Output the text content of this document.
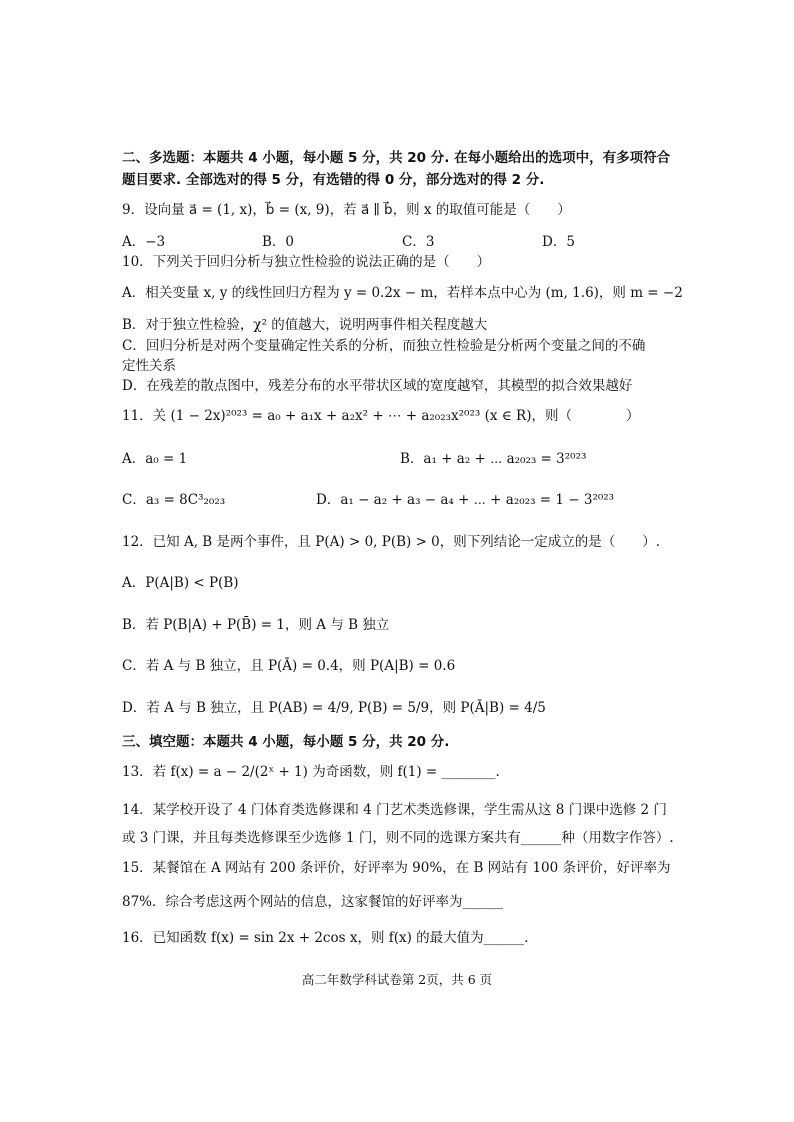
二、多选题：本题共 4 小题，每小题 5 分，共 20 分. 在每小题给出的选项中，有多项符合
题目要求. 全部选对的得 5 分，有选错的得 0 分，部分选对的得 2 分.
9．设向量 a⃗ = (1, x)，b⃗ = (x, 9)，若 a⃗ ∥ b⃗，则 x 的取值可能是（　　）
A．−3	B．0	C．3	D．5
10．下列关于回归分析与独立性检验的说法正确的是（　　）
A．相关变量 x, y 的线性回归方程为 y = 0.2x − m，若样本点中心为 (m, 1.6)，则 m = −2
B．对于独立性检验，χ² 的值越大，说明两事件相关程度越大
C．回归分析是对两个变量确定性关系的分析，而独立性检验是分析两个变量之间的不确
定性关系
D．在残差的散点图中，残差分布的水平带状区域的宽度越窄，其模型的拟合效果越好
11．关 (1 − 2x)²⁰²³ = a₀ + a₁x + a₂x² + ⋯ + a₂₀₂₃x²⁰²³ (x ∈ R)，则（　　　　）
A．a₀ = 1	B．a₁ + a₂ + ⋯ a₂₀₂₃ = 3²⁰²³
C．a₃ = 8C³₂₀₂₃	D．a₁ − a₂ + a₃ − a₄ + ⋯ + a₂₀₂₃ = 1 − 3²⁰²³
12．已知 A, B 是两个事件，且 P(A) > 0, P(B) > 0，则下列结论一定成立的是（　　）.
A．P(A|B) < P(B)
B．若 P(B|A) + P(B̄) = 1，则 A 与 B 独立
C．若 A 与 B 独立，且 P(Ā) = 0.4，则 P(A|B) = 0.6
D．若 A 与 B 独立，且 P(AB) = 4/9, P(B) = 5/9，则 P(Ā|B) = 4/5
三、填空题：本题共 4 小题，每小题 5 分，共 20 分.
13．若 f(x) = a − 2/(2ˣ + 1) 为奇函数，则 f(1) = ________.
14．某学校开设了 4 门体育类选修课和 4 门艺术类选修课，学生需从这 8 门课中选修 2 门
或 3 门课，并且每类选修课至少选修 1 门，则不同的选课方案共有______种（用数字作答）.
15．某餐馆在 A 网站有 200 条评价，好评率为 90%，在 B 网站有 100 条评价，好评率为
87%．综合考虑这两个网站的信息，这家餐馆的好评率为______
16．已知函数 f(x) = sin 2x + 2cos x，则 f(x) 的最大值为______.
高二年数学科试卷第 2页，共 6 页
